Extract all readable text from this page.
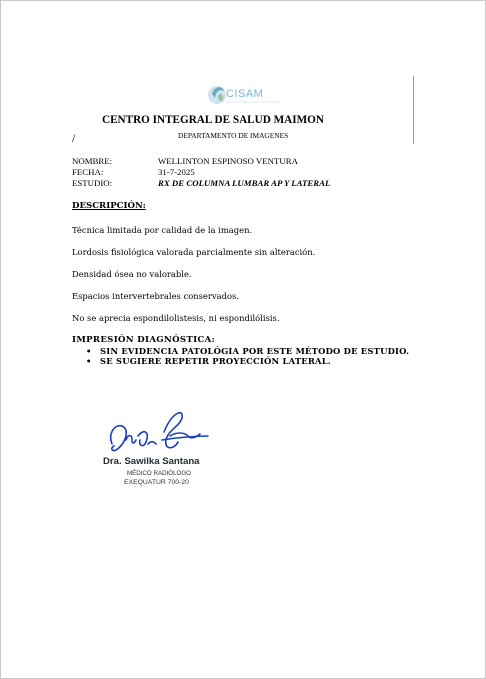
CISAM
CENTRO INTEGRAL DE SALUD MAIMON
/	DEPARTAMENTO DE IMAGENES
NOMBRE:	WELLINTON ESPINOSO VENTURA
FECHA:	31-7-2025
ESTUDIO:	RX DE COLUMNA LUMBAR AP Y LATERAL
DESCRIPCIÓN:
Técnica limitada por calidad de la imagen.
Lordosis fisiológica valorada parcialmente sin alteración.
Densidad ósea no valorable.
Espacios intervertebrales conservados.
No se aprecia espondilolistesis, ni espondilólisis.
IMPRESIÓN DIAGNÓSTICA:
• SIN EVIDENCIA PATOLÓGIA POR ESTE MÉTODO DE ESTUDIO.
• SE SUGIERE REPETIR PROYECCIÓN LATERAL.
Dra. Sawilka Santana
MÉDICO RADIÓLOGO
EXEQUATUR 700-20
